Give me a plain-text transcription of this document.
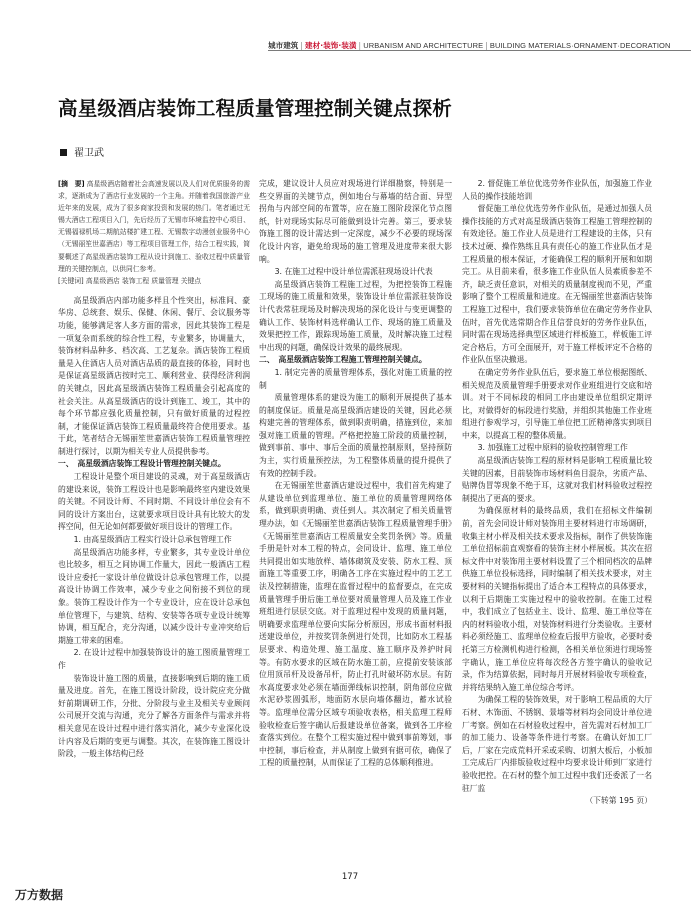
城市建筑 | 建材·装饰·装潢 | URBANISM AND ARCHITECTURE | BUILDING MATERIALS·ORNAMENT·DECORATION
高星级酒店装饰工程质量管理控制关键点探析
翟卫武

[摘　要] 高星级酒店随着社会高速发展以及人们对优质服务的需求，逐渐成为了酒店行业发展的一个主角。并随着我国旅游产业近年来的发展，成为了很多商家投资和发展的热门。笔者通过无锡大酒店工程项目入门，先后经历了无锡市环境监控中心项目、无锡福禄机场二期航站楼扩建工程、无锡数字动漫创业服务中心（无锡丽笙世嘉酒店）等工程项目管理工作，结合工程实践，简要概述了高星级酒店装饰工程从设计到施工、验收过程中质量管理的关键控制点，以供同仁参考。

[关键词] 高星级酒店 装饰工程 质量管理 关键点

高星级酒店内部功能多样且个性突出，标准间、豪华房、总统套、娱乐、保健、休闲、餐厅、会议服务等功能，能够满足客人多方面的需求，因此其装饰工程是一项复杂而系统的综合性工程，专业繁多，协调量大，装饰材料品种多、档次高、工艺复杂。酒店装饰工程质量是入住酒店人员对酒店品质的最直接的体验，同时也是保证高星级酒店按时完工、顺利营业、获得经济利润的关键点，因此高星级酒店装饰工程质量会引起高度的社会关注。从高星级酒店的设计到施工、竣工，其中的每个环节都应强化质量控制，只有做好质量的过程控制，才能保证酒店装饰工程质量最终符合使用要求。基于此，笔者结合无锡丽笙世嘉酒店装饰工程质量管理控制进行探讨，以期为相关专业人员提供参考。

一、　高星级酒店装饰工程设计管理控制关键点。

工程设计是整个项目建设的灵魂，对于高星级酒店的建设来说，装饰工程设计也是影响最终室内建设效果的关键。不同设计师、不同时期、不同设计单位会有不同的设计方案出台，这就要求项目设计具有比较大的发挥空间，但无论如何都要做好项目设计的管理工作。

1. 由高星级酒店工程实行设计总承包管理工作

高星级酒店功能多样，专业繁多，其专业设计单位也比较多，相互之间协调工作量大，因此一般酒店工程设计应委托一家设计单位做设计总承包管理工作，以提高设计协调工作效率，减少专业之间衔接不到位的现象。装饰工程设计作为一个专业设计，应在设计总承包单位管理下，与建筑、结构、安装等各项专业设计统筹协调，相互配合，充分沟通，以减少设计专业冲突给后期施工带来的困难。

2. 在设计过程中加强装饰设计的施工图质量管理工作

装饰设计施工图的质量，直接影响到后期的施工质量及进度。首先，在施工图设计阶段，设计院应充分做好前期调研工作，分批、分阶段与业主及相关专业顾问公司展开交流与沟通，充分了解各方面条件与需求并将相关意见在设计过程中进行落实消化，减少专业深化设计内容及后期的变更与调整。其次，在装饰施工图设计阶段，一般主体结构已经

完成，建议设计人员应对现场进行详细勘察，特别是一些交界面的关键节点，例如地台与幕墙的结合面、异型拐角与内部空间的布置等，应在施工图阶段深化节点图纸，针对现场实际尽可能做到设计完善。第三，要求装饰施工图的设计需达到一定深度，减少不必要的现场深化设计内容，避免给现场的施工管理及进度带来很大影响。

3. 在施工过程中设计单位需派驻现场设计代表

高星级酒店装饰工程施工过程，为把控装饰工程施工现场的施工质量和效果，装饰设计单位需派驻装饰设计代表常驻现场及时解决现场的深化设计与变更调整的确认工作、装饰材料选样确认工作、现场的施工质量及效果把控工作，跟踪现场施工质量，及时解决施工过程中出现的问题，确保设计效果的最终展现。

二、　高星级酒店装饰工程施工管理控制关键点。

1. 制定完善的质量管理体系，强化对施工质量的控制

质量管理体系的建设为施工的顺利开展提供了基本的制度保证。质量是高星级酒店建设的关键，因此必须构建完善的管理体系，做到职责明确，措施到位，来加强对施工质量的管理。严格把控施工阶段的质量控制，做到事前、事中、事后全面的质量控制原则，坚持预防为主，实行质量预控法，为工程整体质量的提升提供了有效的控制手段。

在无锡丽笙世嘉酒店建设过程中，我们首先构建了从建设单位到监理单位、施工单位的质量管理网络体系，做到职责明确、责任到人。其次制定了相关质量管理办法，如《无锡丽笙世嘉酒店装饰工程质量管理手册》《无锡丽笙世嘉酒店工程质量安全奖罚条例》等。质量手册是针对本工程的特点，会同设计、监理、施工单位共同提出如实地放样、墙体砌筑及安装、防水工程、顶面施工等重要工序，明确各工序在实施过程中的工艺工法及控制措施，监理在监督过程中的监督要点，在完成质量管理手册后施工单位要对质量管理人员及施工作业班组进行层层交底。对于监理过程中发现的质量问题，明确要求监理单位要向实际分析原因，形成书面材料报送建设单位，并按奖罚条例进行处罚，比如防水工程基层要求、构造处理、施工温度、施工顺序及养护时间等。有防水要求的区域在防水施工前，应提前安装该部位用顶吊杆及设备吊杆，防止打孔时破坏防水层。有防水高度要求处必须在墙面弹线标识控制，阴角部位应做水泥砂浆圆弧形，地面防水层向墙体翻边，蓄水试验等。监理单位需分区域专项验收表格，相关监理工程师验收检查后签字确认后报建设单位备案，做到各工序检查落实到位。在整个工程实施过程中做到事前筹划，事中控制，事后检查，并从制度上做到有据可依，确保了工程的质量控制，从而保证了工程的总体顺利推进。

2. 督促施工单位优选劳务作业队伍，加强施工作业人员的操作技能培训

督促施工单位优选劳务作业队伍，是通过加强人员操作技能的方式对高星级酒店装饰工程施工管理控制的有效途径。施工作业人员是进行工程建设的主体，只有技术过硬、操作熟练且具有责任心的施工作业队伍才是工程质量的根本保证，才能确保工程的顺利开展和如期完工。从目前来看，很多施工作业队伍人员素质参差不齐，缺乏责任意识，对相关的质量制度视而不见，严重影响了整个工程质量和进度。在无锡丽笙世嘉酒店装饰工程施工过程中，我们要求装饰单位在确定劳务作业队伍时，首先优选常期合作且信誉良好的劳务作业队伍，同时需在现场选择典型区域进行样板施工，样板施工评定合格后，方可全面展开，对于施工样板评定不合格的作业队伍坚决撤退。

在确定劳务作业队伍后，要求施工单位根据图纸、相关规范及质量管理手册要求对作业班组进行交底和培训。对于不同标段的相同工序由建设单位组织定期评比，对做得好的标段进行奖励，并组织其他施工作业班组进行参观学习，引导施工单位把工匠精神落实到项目中来，以提高工程的整体质量。

3. 加强施工过程中原料的验收控制管理工作

高星级酒店装饰工程的原材料是影响工程质量比较关键的因素，目前装饰市场材料鱼目混杂，劣质产品、贴牌伪冒等现象不绝于耳，这就对我们材料验收过程控制提出了更高的要求。

为确保原材料的最终品质，我们在招标文件编制前，首先会同设计师对装饰用主要材料进行市场调研，收集主材小样及相关技术要求及指标，制作了供装饰施工单位招标前直观察看的装饰主材小样展板。其次在招标文件中对装饰用主要材料设置了三个相同档次的品牌供施工单位投标选择，同时编制了相关技术要求，对主要材料的关键指标提出了适合本工程特点的具体要求，以利于后期施工实施过程中的验收控制。在施工过程中，我们成立了包括业主、设计、监理、施工单位等在内的材料验收小组，对装饰材料进行分类验收。主要材料必须经施工、监理单位检查后报甲方验收，必要时委托第三方检测机构进行检测，各相关单位须进行现场签字确认，施工单位应将每次经各方签字确认的验收记录，作为结算依据，同时每月开展材料验收专项检查，并将结果纳入施工单位综合考评。

为确保工程的装饰效果，对于影响工程品质的大厅石材、木饰面、不锈钢、景墙等材料均会同设计单位进厂考察。例如在石材验收过程中，首先需对石材加工厂的加工能力、设备等条件进行考察。在确认好加工厂后，厂家在完成荒料开采或采购、切割大板后，小板加工完成后厂内排版验收过程中均要求设计师到厂家进行验收把控。在石材的整个加工过程中我们还委派了一名驻厂监

（下转第 195 页）

177
万方数据
